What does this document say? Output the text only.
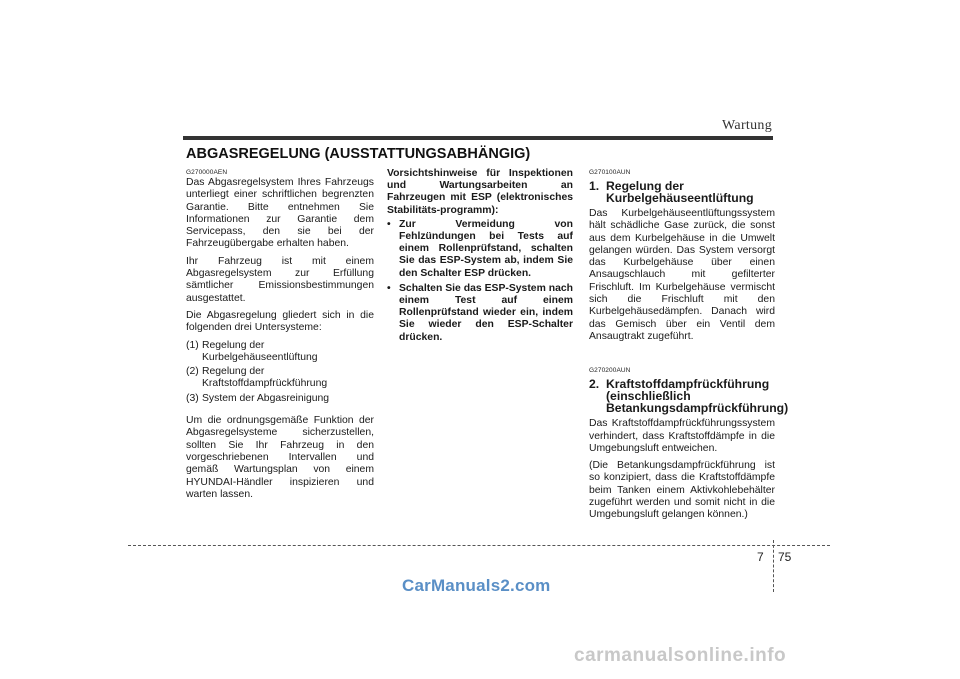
Wartung
ABGASREGELUNG (AUSSTATTUNGSABHÄNGIG)
G270000AEN

Das Abgasregelsystem Ihres Fahrzeugs unterliegt einer schriftlichen begrenzten Garantie. Bitte entnehmen Sie Informationen zur Garantie dem Servicepass, den sie bei der Fahrzeugübergabe erhalten haben.

Ihr Fahrzeug ist mit einem Abgasregelsystem zur Erfüllung sämtlicher Emissionsbestimmungen ausgestattet.

Die Abgasregelung gliedert sich in die folgenden drei Untersysteme:

(1) Regelung der Kurbelgehäuseentlüftung
(2) Regelung der Kraftstoffdampfrückführung
(3) System der Abgasreinigung

Um die ordnungsgemäße Funktion der Abgasregelsysteme sicherzustellen, sollten Sie Ihr Fahrzeug in den vorgeschriebenen Intervallen und gemäß Wartungsplan von einem HYUNDAI-Händler inspizieren und warten lassen.

Vorsichtshinweise für Inspektionen und Wartungsarbeiten an Fahrzeugen mit ESP (elektronisches Stabilitäts-programm):

• Zur Vermeidung von Fehlzündungen bei Tests auf einem Rollenprüfstand, schalten Sie das ESP-System ab, indem Sie den Schalter ESP drücken.
• Schalten Sie das ESP-System nach einem Test auf einem Rollenprüfstand wieder ein, indem Sie wieder den ESP-Schalter drücken.
G270100AUN
1. Regelung der Kurbelgehäuseentlüftung

Das Kurbelgehäuseentlüftungssystem hält schädliche Gase zurück, die sonst aus dem Kurbelgehäuse in die Umwelt gelangen würden. Das System versorgt das Kurbelgehäuse über einen Ansaugschlauch mit gefilterter Frischluft. Im Kurbelgehäuse vermischt sich die Frischluft mit den Kurbelgehäusedämpfen. Danach wird das Gemisch über ein Ventil dem Ansaugtrakt zugeführt.

G270200AUN
2. Kraftstoffdampfrückführung (einschließlich Betankungsdampfrückführung)

Das Kraftstoffdampfrückführungssystem verhindert, dass Kraftstoffdämpfe in die Umgebungsluft entweichen.

(Die Betankungsdampfrückführung ist so konzipiert, dass die Kraftstoffdämpfe beim Tanken einem Aktivkohlebehälter zugeführt werden und somit nicht in die Umgebungsluft gelangen können.)

7 75
CarManuals2.com
carmanualsonline.info
